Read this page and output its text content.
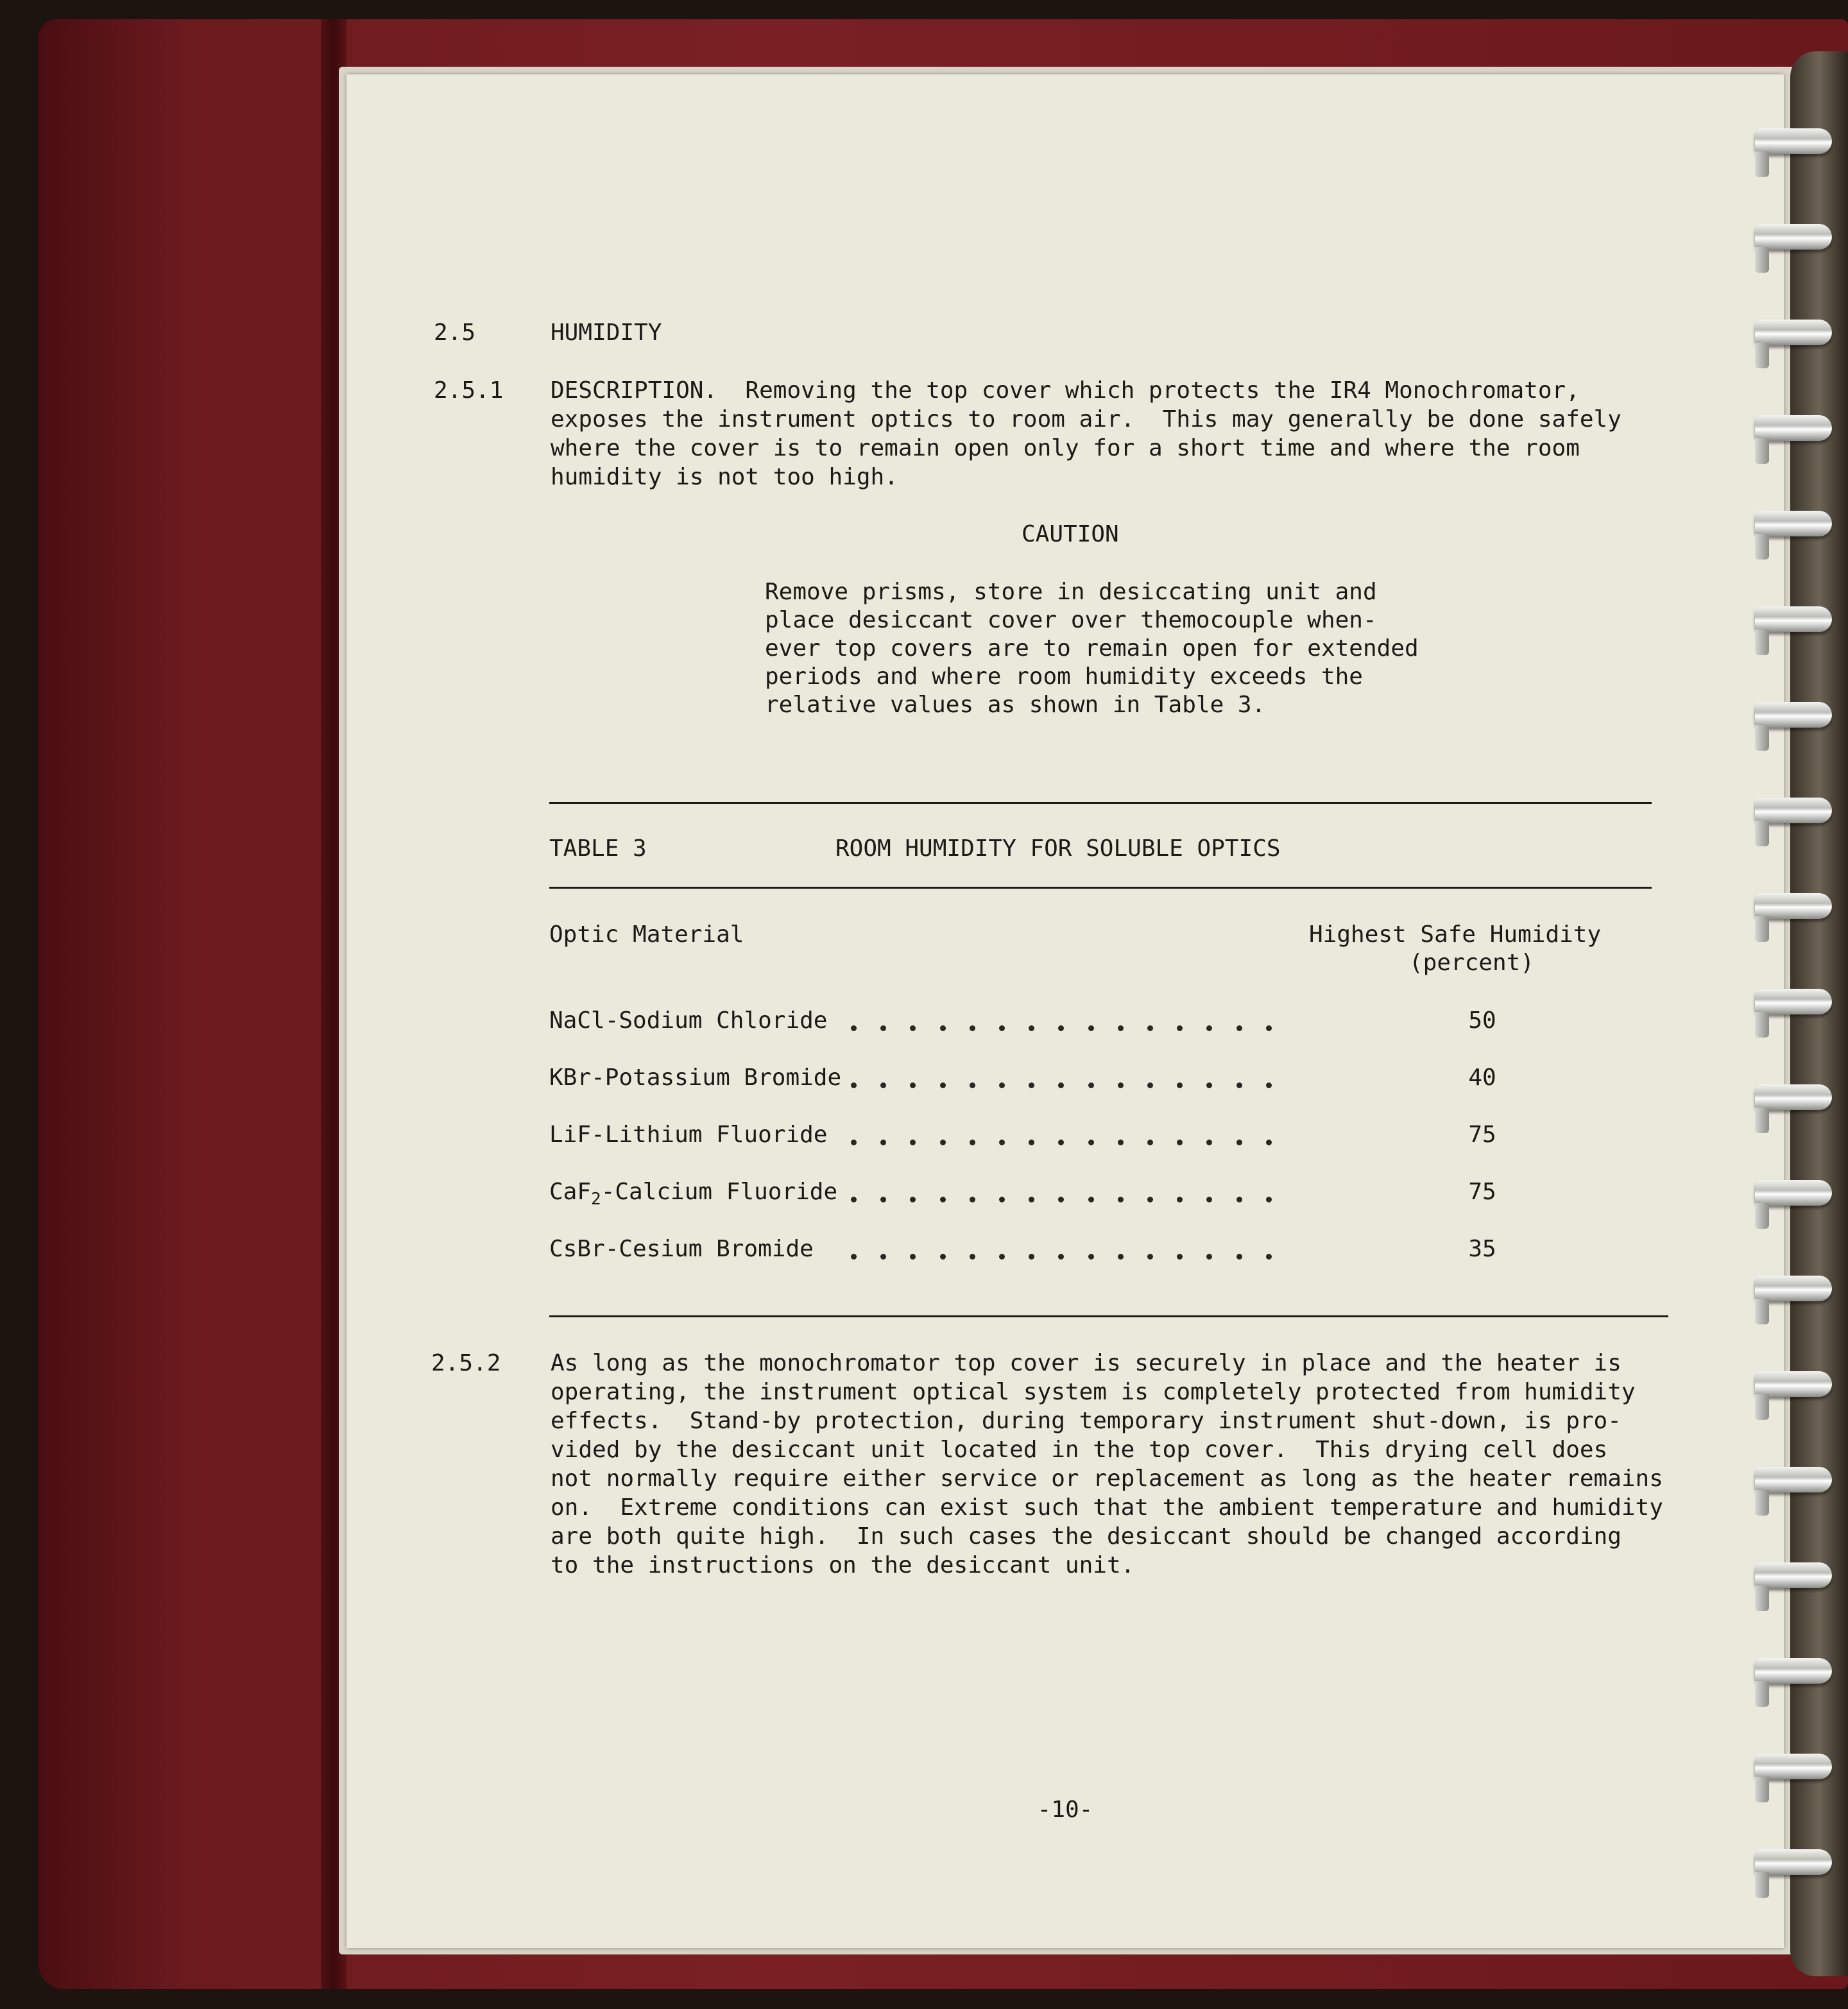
2.5	HUMIDITY
2.5.1 DESCRIPTION.  Removing the top cover which protects the IR4 Monochromator,
exposes the instrument optics to room air.  This may generally be done safely
where the cover is to remain open only for a short time and where the room
humidity is not too high.
CAUTION
Remove prisms, store in desiccating unit and
place desiccant cover over themocouple when-
ever top covers are to remain open for extended
periods and where room humidity exceeds the
relative values as shown in Table 3.
TABLE 3	ROOM HUMIDITY FOR SOLUBLE OPTICS
Optic Material	Highest Safe Humidity
(percent)
NaCl-Sodium Chloride	50
KBr-Potassium Bromide	40
LiF-Lithium Fluoride	75
CaF$_2$-Calcium Fluoride	75
CsBr-Cesium Bromide	35
2.5.2 As long as the monochromator top cover is securely in place and the heater is
operating, the instrument optical system is completely protected from humidity
effects.  Stand-by protection, during temporary instrument shut-down, is pro-
vided by the desiccant unit located in the top cover.  This drying cell does
not normally require either service or replacement as long as the heater remains
on.  Extreme conditions can exist such that the ambient temperature and humidity
are both quite high.  In such cases the desiccant should be changed according
to the instructions on the desiccant unit.
-10-
